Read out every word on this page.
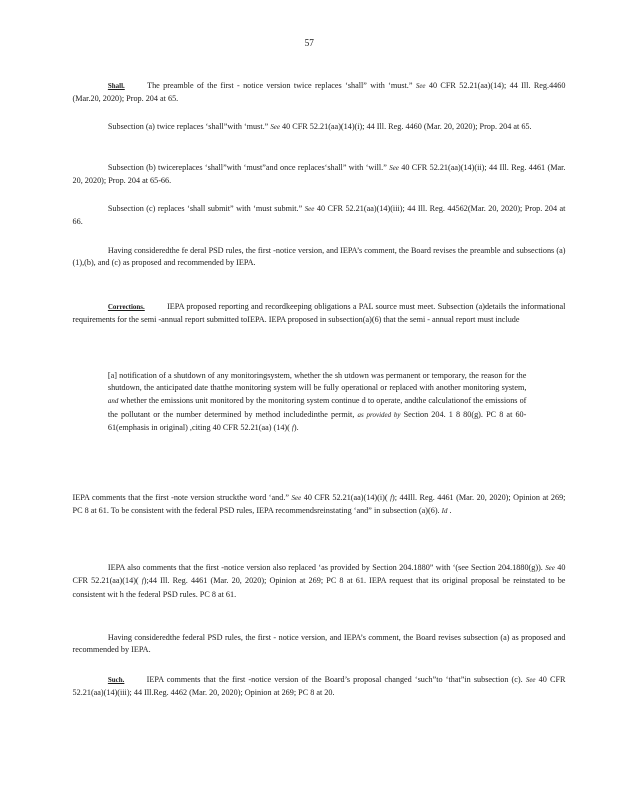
57

Shall.	The preamble of the first - notice version twice replaces ‘shall” with ‘must.” See 40 CFR 52.21(aa)(14); 44 Ill. Reg.4460 (Mar.20, 2020); Prop. 204 at 65.

Subsection (a) twice replaces ‘shall”with ‘must.” See 40 CFR 52.21(aa)(14)(i); 44 Ill. Reg. 4460 (Mar. 20, 2020); Prop. 204 at 65.

Subsection (b) twicereplaces ‘shall”with ‘must”and once replaces‘shall” with ‘will.” See 40 CFR 52.21(aa)(14)(ii); 44 Ill. Reg. 4461 (Mar. 20, 2020); Prop. 204 at 65-66.

Subsection (c) replaces ‘shall submit” with ‘must submit.” See 40 CFR 52.21(aa)(14)(iii); 44 Ill. Reg. 44562(Mar. 20, 2020); Prop. 204 at 66.

Having consideredthe fe deral PSD rules, the first -notice version, and IEPA’s comment, the Board revises the preamble and subsections (a)(1),(b), and (c) as proposed and recommended by IEPA.

Corrections.	IEPA proposed reporting and recordkeeping obligations a PAL source must meet. Subsection (a)details the informational requirements for the semi -annual report submitted toIEPA. IEPA proposed in subsection(a)(6) that the semi - annual report must include

[a] notification of a shutdown of any monitoringsystem, whether the sh utdown was permanent or temporary, the reason for the shutdown, the anticipated date thatthe monitoring system will be fully operational or replaced with another monitoring system, and whether the emissions unit monitored by the monitoring system continue d to operate, andthe calculationof the emissions of the pollutant or the number determined by method includedinthe permit, as provided by Section 204. 1 8 80(g). PC 8 at 60-61(emphasis in original) ,citing 40 CFR 52.21(aa) (14)( f).

IEPA comments that the first -note version struckthe word ‘and.” See 40 CFR 52.21(aa)(14)(i)( f); 44Ill. Reg. 4461 (Mar. 20, 2020); Opinion at 269; PC 8 at 61. To be consistent with the federal PSD rules, IEPA recommendsreinstating ‘and” in subsection (a)(6). Id .

IEPA also comments that the first -notice version also replaced ‘as provided by Section 204.1880” with ‘(see Section 204.1880(g)). See 40 CFR 52.21(aa)(14)( f);44 Ill. Reg. 4461 (Mar. 20, 2020); Opinion at 269; PC 8 at 61. IEPA request that its original proposal be reinstated to be consistent wit h the federal PSD rules. PC 8 at 61.

Having consideredthe federal PSD rules, the first - notice version, and IEPA’s comment, the Board revises subsection (a) as proposed and recommended by IEPA.

Such.	IEPA comments that the first -notice version of the Board’s proposal changed ‘such”to ‘that”in subsection (c). See 40 CFR 52.21(aa)(14)(iii); 44 Ill.Reg. 4462 (Mar. 20, 2020); Opinion at 269; PC 8 at 20.
